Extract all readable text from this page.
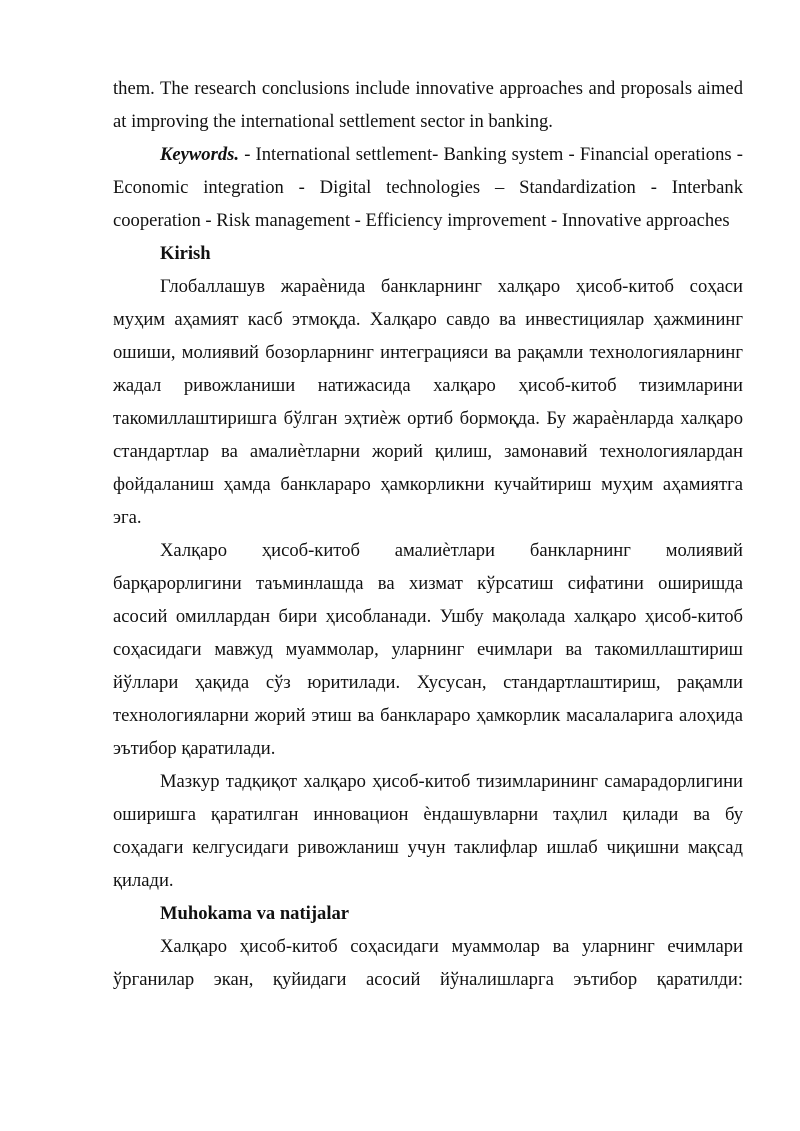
them. The research conclusions include innovative approaches and proposals aimed at improving the international settlement sector in banking.

Keywords. - International settlement- Banking system - Financial operations - Economic integration - Digital technologies – Standardization - Interbank cooperation - Risk management - Efficiency improvement - Innovative approaches

Kirish

Глобаллашув жараѐнида банкларнинг халқаро ҳисоб-китоб соҳаси муҳим аҳамият касб этмоқда. Халқаро савдо ва инвестициялар ҳажмининг ошиши, молиявий бозорларнинг интеграцияси ва рақамли технологияларнинг жадал ривожланиши натижасида халқаро ҳисоб-китоб тизимларини такомиллаштиришга бўлган эҳтиѐж ортиб бормоқда. Бу жараѐнларда халқаро стандартлар ва амалиѐтларни жорий қилиш, замонавий технологиялардан фойдаланиш ҳамда банклараро ҳамкорликни кучайтириш муҳим аҳамиятга эга.

Халқаро ҳисоб-китоб амалиѐтлари банкларнинг молиявий барқарорлигини таъминлашда ва хизмат кўрсатиш сифатини оширишда асосий омиллардан бири ҳисобланади. Ушбу мақолада халқаро ҳисоб-китоб соҳасидаги мавжуд муаммолар, уларнинг ечимлари ва такомиллаштириш йўллари ҳақида сўз юритилади. Хусусан, стандартлаштириш, рақамли технологияларни жорий этиш ва банклараро ҳамкорлик масалаларига алоҳида эътибор қаратилади.

Мазкур тадқиқот халқаро ҳисоб-китоб тизимларининг самарадорлигини оширишга қаратилган инновацион ѐндашувларни таҳлил қилади ва бу соҳадаги келгусидаги ривожланиш учун таклифлар ишлаб чиқишни мақсад қилади.

Muhokama va natijalar

Халқаро ҳисоб-китоб соҳасидаги муаммолар ва уларнинг ечимлари ўрганилар экан, қуйидаги асосий йўналишларга эътибор қаратилди:
